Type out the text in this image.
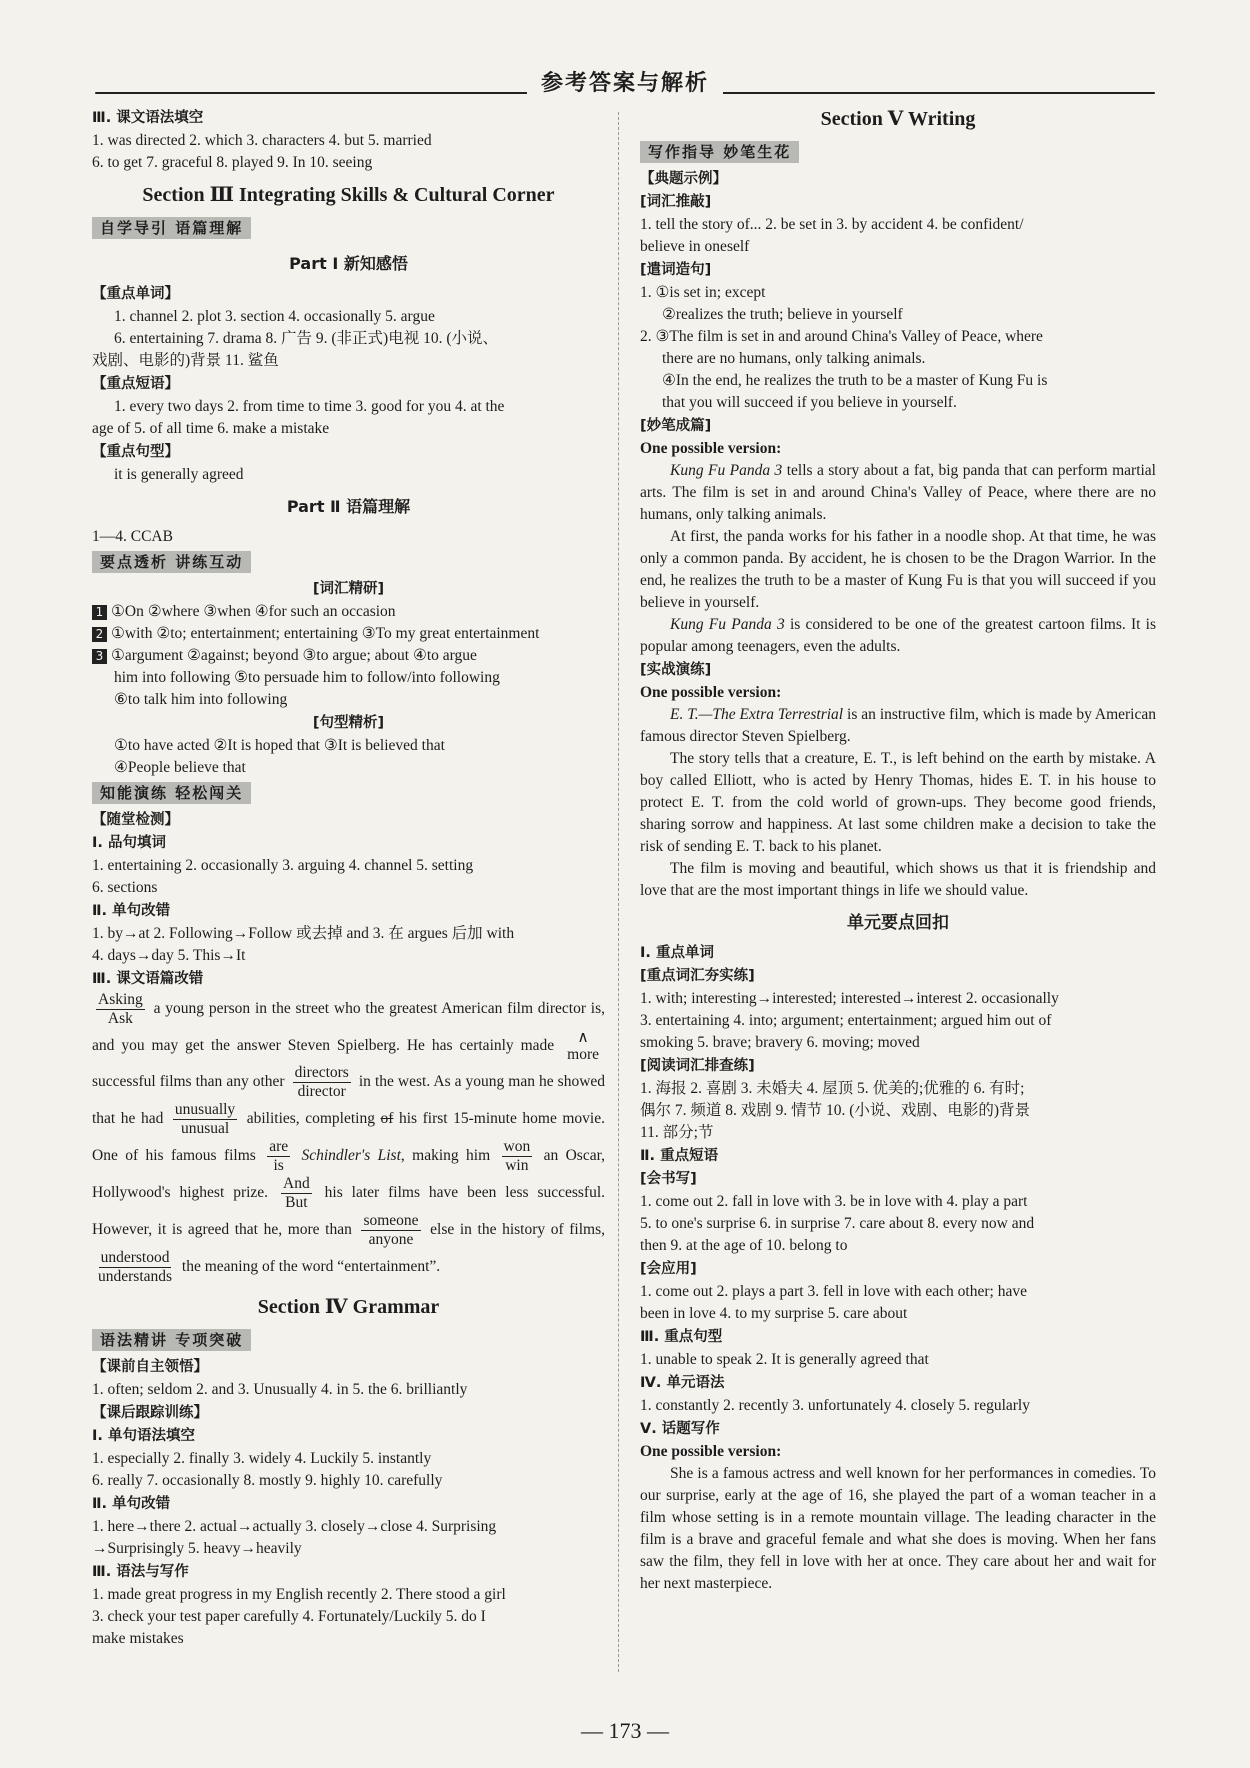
参考答案与解析

Ⅲ. 课文语法填空

1. was directed 2. which 3. characters 4. but 5. married

6. to get 7. graceful 8. played 9. In 10. seeing

Section Ⅲ Integrating Skills & Cultural Corner
自学导引 语篇理解
Part Ⅰ 新知感悟

【重点单词】

1. channel 2. plot 3. section 4. occasionally 5. argue

6. entertaining 7. drama 8. 广告 9. (非正式)电视 10. (小说、

戏剧、电影的)背景 11. 鲨鱼

【重点短语】

1. every two days 2. from time to time 3. good for you 4. at the

age of 5. of all time 6. make a mistake

【重点句型】

it is generally agreed

Part Ⅱ 语篇理解

1—4. CCAB

要点透析 讲练互动

[词汇精研]

1 ①On ②where ③when ④for such an occasion

2 ①with ②to; entertainment; entertaining ③To my great entertainment

3 ①argument ②against; beyond ③to argue; about ④to argue

him into following ⑤to persuade him to follow/into following

⑥to talk him into following

[句型精析]

①to have acted ②It is hoped that ③It is believed that

④People believe that

知能演练 轻松闯关

【随堂检测】

Ⅰ. 品句填词

1. entertaining 2. occasionally 3. arguing 4. channel 5. setting

6. sections

Ⅱ. 单句改错

1. by→at 2. Following→Follow 或去掉 and 3. 在 argues 后加 with

4. days→day 5. This→It

Ⅲ. 课文语篇改错

Asking
Ask
a young person in the street who the greatest American film director is, and you may get the answer Steven Spielberg. He has certainly made ∧
more
successful films than any other
directors
director
in the west. As a young man he showed that he had
unusually
unusual
abilities, completing of his first 15-minute home movie. One of his famous films
are
is
Schindler's List, making him
won
win
an Oscar, Hollywood's highest prize.
And
But
his later films have been less successful. However, it is agreed that he, more than
someone
anyone
else in the history of films,
understood
understands
the meaning of the word “entertainment”.

Section Ⅳ Grammar
语法精讲 专项突破

【课前自主领悟】

1. often; seldom 2. and 3. Unusually 4. in 5. the 6. brilliantly

【课后跟踪训练】

Ⅰ. 单句语法填空

1. especially 2. finally 3. widely 4. Luckily 5. instantly

6. really 7. occasionally 8. mostly 9. highly 10. carefully

Ⅱ. 单句改错

1. here→there 2. actual→actually 3. closely→close 4. Surprising

→Surprisingly 5. heavy→heavily

Ⅲ. 语法与写作

1. made great progress in my English recently 2. There stood a girl

3. check your test paper carefully 4. Fortunately/Luckily 5. do I

make mistakes

Section Ⅴ Writing
写作指导 妙笔生花

【典题示例】

[词汇推敲]

1. tell the story of... 2. be set in 3. by accident 4. be confident/

believe in oneself

[遣词造句]

1. ①is set in; except

②realizes the truth; believe in yourself

2. ③The film is set in and around China's Valley of Peace, where

there are no humans, only talking animals.

④In the end, he realizes the truth to be a master of Kung Fu is

that you will succeed if you believe in yourself.

[妙笔成篇]

One possible version:

Kung Fu Panda 3 tells a story about a fat, big panda that can perform martial arts. The film is set in and around China's Valley of Peace, where there are no humans, only talking animals.

At first, the panda works for his father in a noodle shop. At that time, he was only a common panda. By accident, he is chosen to be the Dragon Warrior. In the end, he realizes the truth to be a master of Kung Fu is that you will succeed if you believe in yourself.

Kung Fu Panda 3 is considered to be one of the greatest cartoon films. It is popular among teenagers, even the adults.

[实战演练]

One possible version:

E. T.—The Extra Terrestrial is an instructive film, which is made by American famous director Steven Spielberg.

The story tells that a creature, E. T., is left behind on the earth by mistake. A boy called Elliott, who is acted by Henry Thomas, hides E. T. in his house to protect E. T. from the cold world of grown-ups. They become good friends, sharing sorrow and happiness. At last some children make a decision to take the risk of sending E. T. back to his planet.

The film is moving and beautiful, which shows us that it is friendship and love that are the most important things in life we should value.

单元要点回扣

Ⅰ. 重点单词

[重点词汇夯实练]

1. with; interesting→interested; interested→interest 2. occasionally

3. entertaining 4. into; argument; entertainment; argued him out of

smoking 5. brave; bravery 6. moving; moved

[阅读词汇排查练]

1. 海报 2. 喜剧 3. 未婚夫 4. 屋顶 5. 优美的;优雅的 6. 有时;

偶尔 7. 频道 8. 戏剧 9. 情节 10. (小说、戏剧、电影的)背景

11. 部分;节

Ⅱ. 重点短语

[会书写]

1. come out 2. fall in love with 3. be in love with 4. play a part

5. to one's surprise 6. in surprise 7. care about 8. every now and

then 9. at the age of 10. belong to

[会应用]

1. come out 2. plays a part 3. fell in love with each other; have

been in love 4. to my surprise 5. care about

Ⅲ. 重点句型

1. unable to speak 2. It is generally agreed that

Ⅳ. 单元语法

1. constantly 2. recently 3. unfortunately 4. closely 5. regularly

Ⅴ. 话题写作

One possible version:

She is a famous actress and well known for her performances in comedies. To our surprise, early at the age of 16, she played the part of a woman teacher in a film whose setting is in a remote mountain village. The leading character in the film is a brave and graceful female and what she does is moving. When her fans saw the film, they fell in love with her at once. They care about her and wait for her next masterpiece.

— 173 —
